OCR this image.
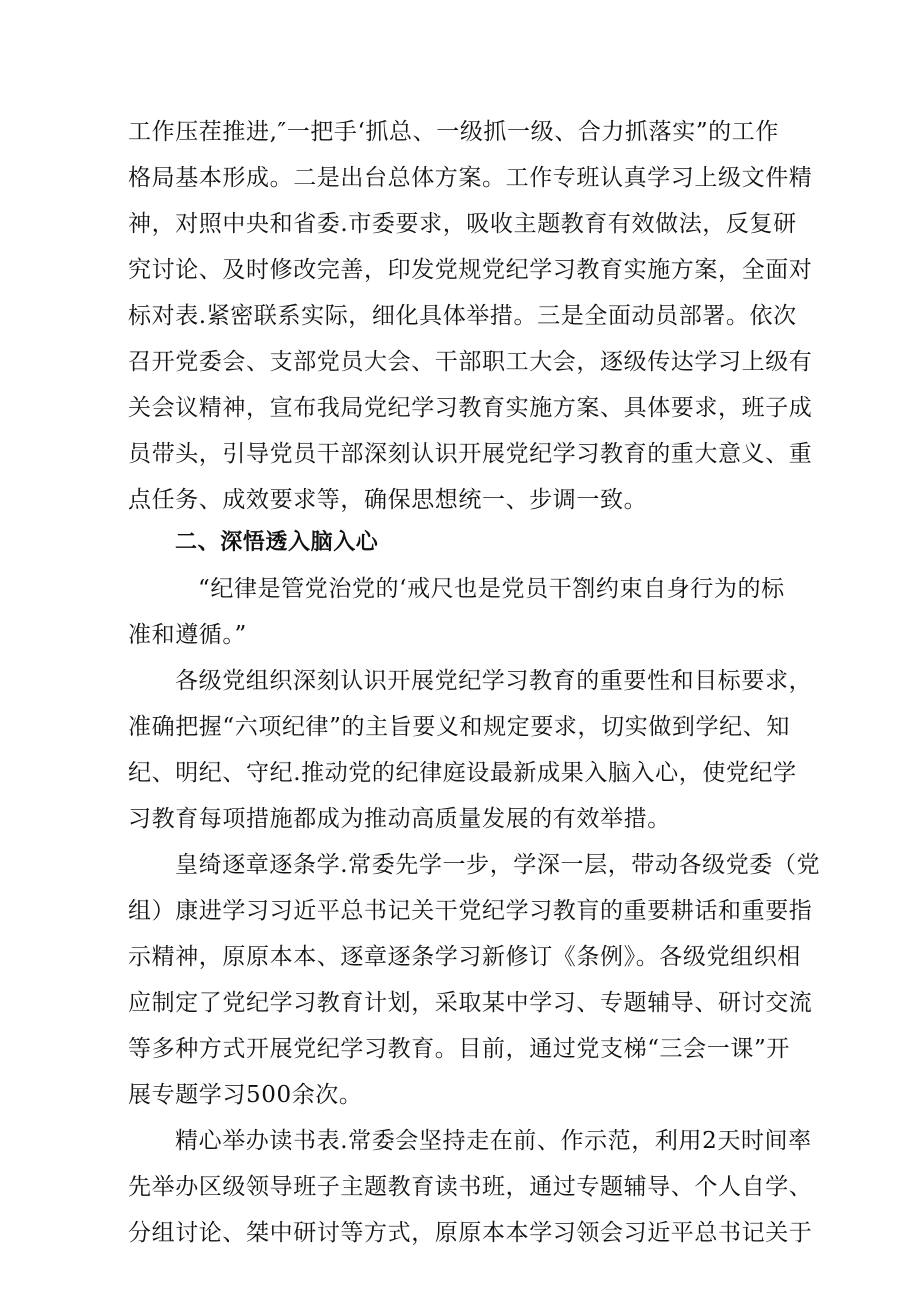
工作压茬推进,″一把手‘抓总、一级抓一级、合力抓落实”的工作
格局基本形成。二是出台总体方案。工作专班认真学习上级文件精
神，对照中央和省委.市委要求，吸收主题教育有效做法，反复研
究讨论、及时修改完善，印发党规党纪学习教育实施方案，全面对
标对表.紧密联系实际，细化具体举措。三是全面动员部署。依次
召开党委会、支部党员大会、干部职工大会，逐级传达学习上级有
关会议精神，宣布我局党纪学习教育实施方案、具体要求，班子成
员带头，引导党员干部深刻认识开展党纪学习教育的重大意义、重
点任务、成效要求等，确保思想统一、步调一致。
二、深悟透入脑入心
“纪律是管党治党的‘戒尺也是党员干劄约束自身行为的标
准和遵循。”
各级党组织深刻认识开展党纪学习教育的重要性和目标要求，
准确把握“六项纪律”的主旨要义和规定要求，切实做到学纪、知
纪、明纪、守纪.推动党的纪律庭设最新成果入脑入心，使党纪学
习教育每项措施都成为推动高质量发展的有效举措。
皇绮逐章逐条学.常委先学一步，学深一层，带动各级党委（党
组）康进学习习近平总书记关干党纪学习教肓的重要耕话和重要指
示精神，原原本本、逐章逐条学习新修订《条例》。各级党组织相
应制定了党纪学习教育计划，采取某中学习、专题辅导、研讨交流
等多种方式开展党纪学习教育。目前，通过党支梯“三会一课”开
展专题学习500余次。
精心举办读书表.常委会坚持走在前、作示范，利用2天时间率
先举办区级领导班子主题教育读书班，通过专题辅导、个人自学、
分组讨论、桀中研讨等方式，原原本本学习领会习近平总书记关于
